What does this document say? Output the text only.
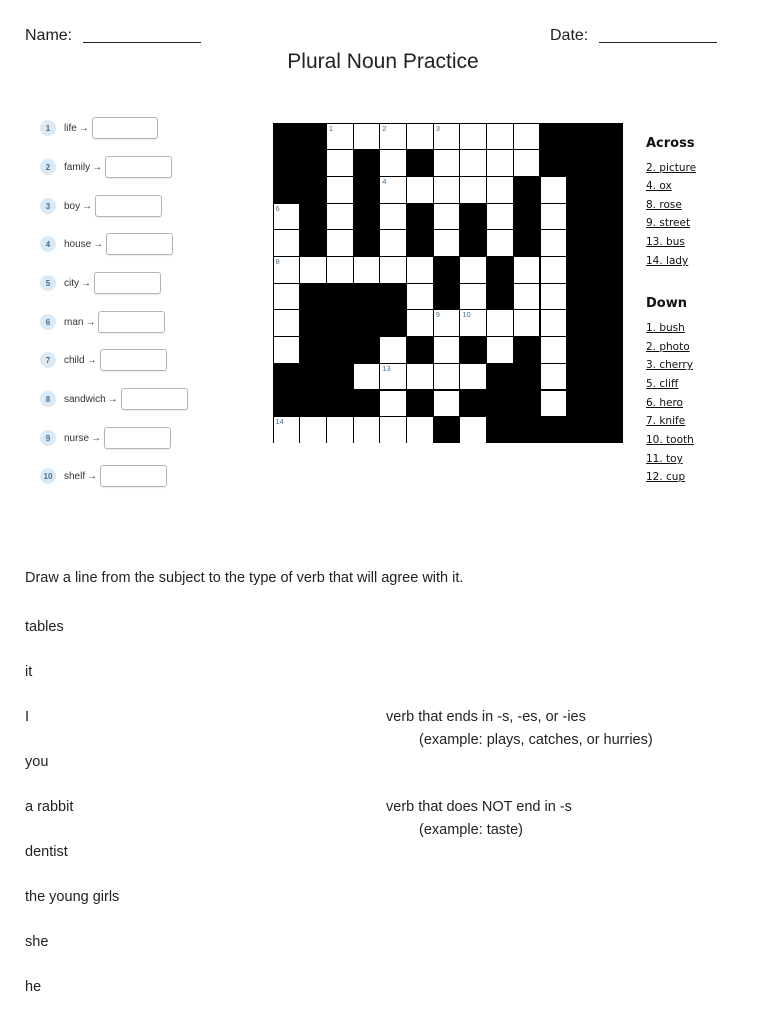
Name:	Date:
Plural Noun Practice
1	life →
2	family →
3	boy →
4	house →
5	city →
6	man →
7	child →
8	sandwich →
9	nurse →
10	shelf →
1	2	3
4
6
8
9	10
13
14
Across
2. picture
4. ox
8. rose
9. street
13. bus
14. lady
Down
1. bush
2. photo
3. cherry
5. cliff
6. hero
7. knife
10. tooth
11. toy
12. cup
Draw a line from the subject to the type of verb that will agree with it.
tables
it
I
you
a rabbit
dentist
the young girls
she
he
verb that ends in -s, -es, or -ies
(example: plays, catches, or hurries)
verb that does NOT end in -s
(example: taste)
